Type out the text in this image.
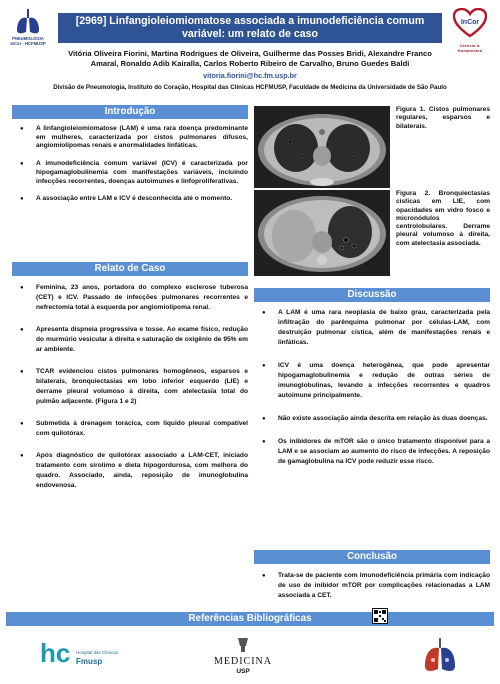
PNEUMOLOGIA
InCor · HCFMUSP
[2969] Linfangioleiomiomatose associada a imunodeficiência comum
variável: um relato de caso
InCor
Ciência & Humanismo
Vitória Oliveira Fiorini, Martina Rodrigues de Oliveira, Guilherme das Posses Bridi, Alexandre Franco
Amaral, Ronaldo Adib Kairalla, Carlos Roberto Ribeiro de Carvalho, Bruno Guedes Baldi
vitoria.fiorini@hc.fm.usp.br
Divisão de Pneumologia, Instituto do Coração, Hospital das Clínicas HCFMUSP, Faculdade de Medicina da Universidade de São Paulo
Introdução
● A linfangioleiomiomatose (LAM) é uma rara doença predominante em mulheres, caracterizada por cistos pulmonares difusos, angiomiolipomas renais e anormalidades linfáticas.
● A imunodeficiência comum variável (ICV) é caracterizada por hipogamaglobulinemia com manifestações variáveis, incluindo infecções recorrentes, doenças autoimunes e linfoproliferativas.
● A associação entre LAM e ICV é desconhecida até o momento.
Relato de Caso
● Feminina, 23 anos, portadora do complexo esclerose tuberosa (CET) e ICV. Passado de infecções pulmonares recorrentes e nefrectomia total à esquerda por angiomiolipoma renal.
● Apresenta dispneia progressiva e tosse. Ao exame físico, redução do murmúrio vesicular à direita e saturação de oxigênio de 95% em ar ambiente.
● TCAR evidenciou cistos pulmonares homogêneos, esparsos e bilaterais, bronquiectasias em lobo inferior esquerdo (LIE) e derrame pleural volumoso à direita, com atelectasia total do pulmão adjacente. (Figura 1 e 2)
● Submetida à drenagem torácica, com líquido pleural compatível com quilotórax.
● Após diagnóstico de quilotórax associado a LAM-CET, iniciado tratamento com sirolimo e dieta hipogordurosa, com melhora do quadro. Associado, ainda, reposição de imunoglobulina endovenosa.
Figura 1. Cistos pulmonares regulares, esparsos e bilaterais.
Figura 2. Bronquiectasias císticas em LIE, com opacidades em vidro fosco e micronódulos centrolobulares. Derrame pleural volumoso à direita, com atelectasia associada.
Discussão
● A LAM é uma rara neoplasia de baixo grau, caracterizada pela infiltração do parênquima pulmonar por células-LAM, com destruição pulmonar cística, além de manifestações renais e linfáticas.
● ICV é uma doença heterogênea, que pode apresentar hipogamaglobulinemia e redução de outras séries de imunoglobulinas, levando a infecções recorrentes e quadros autoimune principalmente.
● Não existe associação ainda descrita em relação às duas doenças.
● Os inibidores de mTOR são o único tratamento disponível para a LAM e se associam ao aumento do risco de infecções. A reposição de gamaglobulina na ICV pode reduzir esse risco.
Conclusão
● Trata-se de paciente com Imunodeficiência primária com indicação de uso de inibidor mTOR por complicações relacionadas a LAM associada a CET.
Referências Bibliográficas
hc Hospital das Clínicas
Fmusp	MEDICINA
USP
